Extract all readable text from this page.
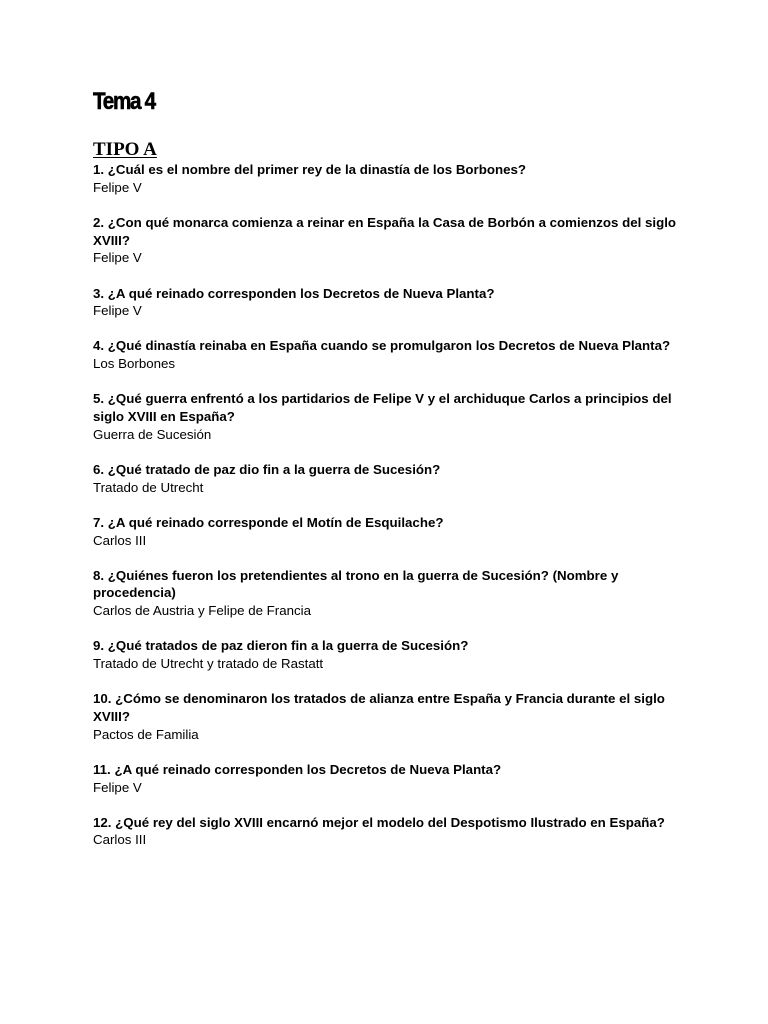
Tema 4
TIPO A

1. ¿Cuál es el nombre del primer rey de la dinastía de los Borbones?

Felipe V

2. ¿Con qué monarca comienza a reinar en España la Casa de Borbón a comienzos del siglo XVIII?

Felipe V

3. ¿A qué reinado corresponden los Decretos de Nueva Planta?

Felipe V

4. ¿Qué dinastía reinaba en España cuando se promulgaron los Decretos de Nueva Planta?

Los Borbones

5. ¿Qué guerra enfrentó a los partidarios de Felipe V y el archiduque Carlos a principios del siglo XVIII en España?

Guerra de Sucesión

6. ¿Qué tratado de paz dio fin a la guerra de Sucesión?

Tratado de Utrecht

7. ¿A qué reinado corresponde el Motín de Esquilache?

Carlos III

8. ¿Quiénes fueron los pretendientes al trono en la guerra de Sucesión? (Nombre y procedencia)

Carlos de Austria y Felipe de Francia

9. ¿Qué tratados de paz dieron fin a la guerra de Sucesión?

Tratado de Utrecht y tratado de Rastatt

10. ¿Cómo se denominaron los tratados de alianza entre España y Francia durante el siglo XVIII?

Pactos de Familia

11. ¿A qué reinado corresponden los Decretos de Nueva Planta?

Felipe V

12. ¿Qué rey del siglo XVIII encarnó mejor el modelo del Despotismo Ilustrado en España?

Carlos III
